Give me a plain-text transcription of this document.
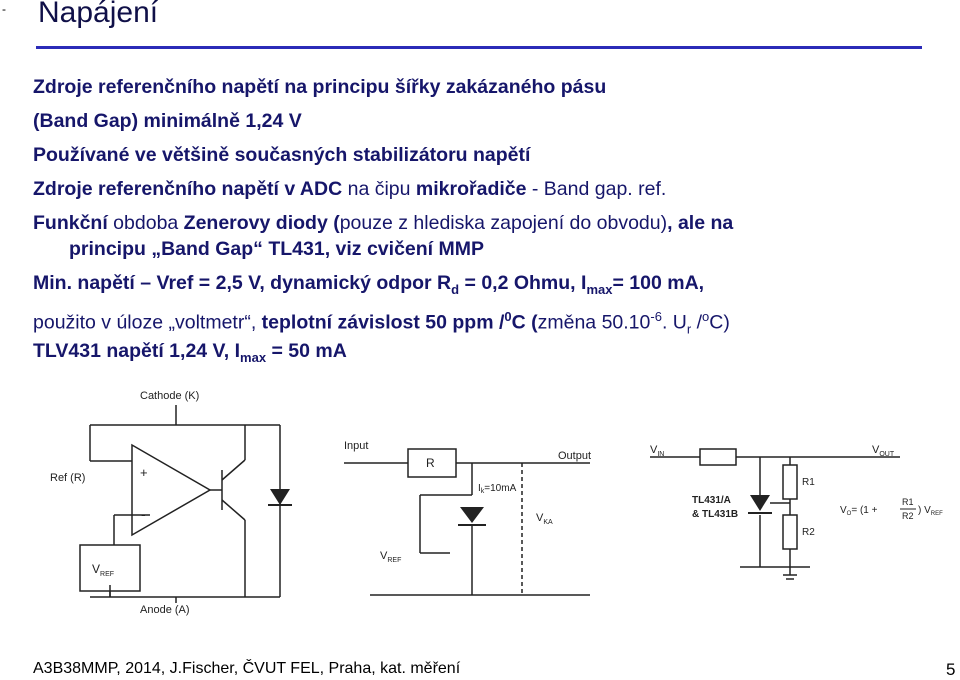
- Napájení
Zdroje referenčního napětí na principu šířky zakázaného pásu
(Band Gap) minimálně 1,24 V
Používané ve většině současných stabilizátoru napětí
Zdroje referenčního napětí v ADC na čipu mikrořadiče - Band gap. ref.
Funkční obdoba Zenerovy diody (pouze z hlediska zapojení do obvodu), ale na
principu „Band Gap“ TL431, viz cvičení MMP
Min. napětí – Vref = 2,5 V, dynamický odpor $R_d = 0,2$ Ohmu, $I_{max}= 100$ mA,
použito v úloze „voltmetr“, teplotní závislost 50 ppm /$^0$C (změna $50.10^{-6}$. $U_r$ /$^o$C)
TLV431 napětí 1,24 V, $I_{max} = 50$ mA
Cathode (K)
Ref (R)
Anode (A)
+
-
$V_{REF}$
Input
Output
R
$I_k=10mA$
$V_{KA}$
$V_{REF}$
$V_{IN}$	$V_{OUT}$
R1
R2
TL431/A
& TL431B	$V_O= (1$ +
R1
R2 ) $V_{REF}$
A3B38MMP, 2014, J.Fischer, ČVUT FEL, Praha, kat. měření	5
